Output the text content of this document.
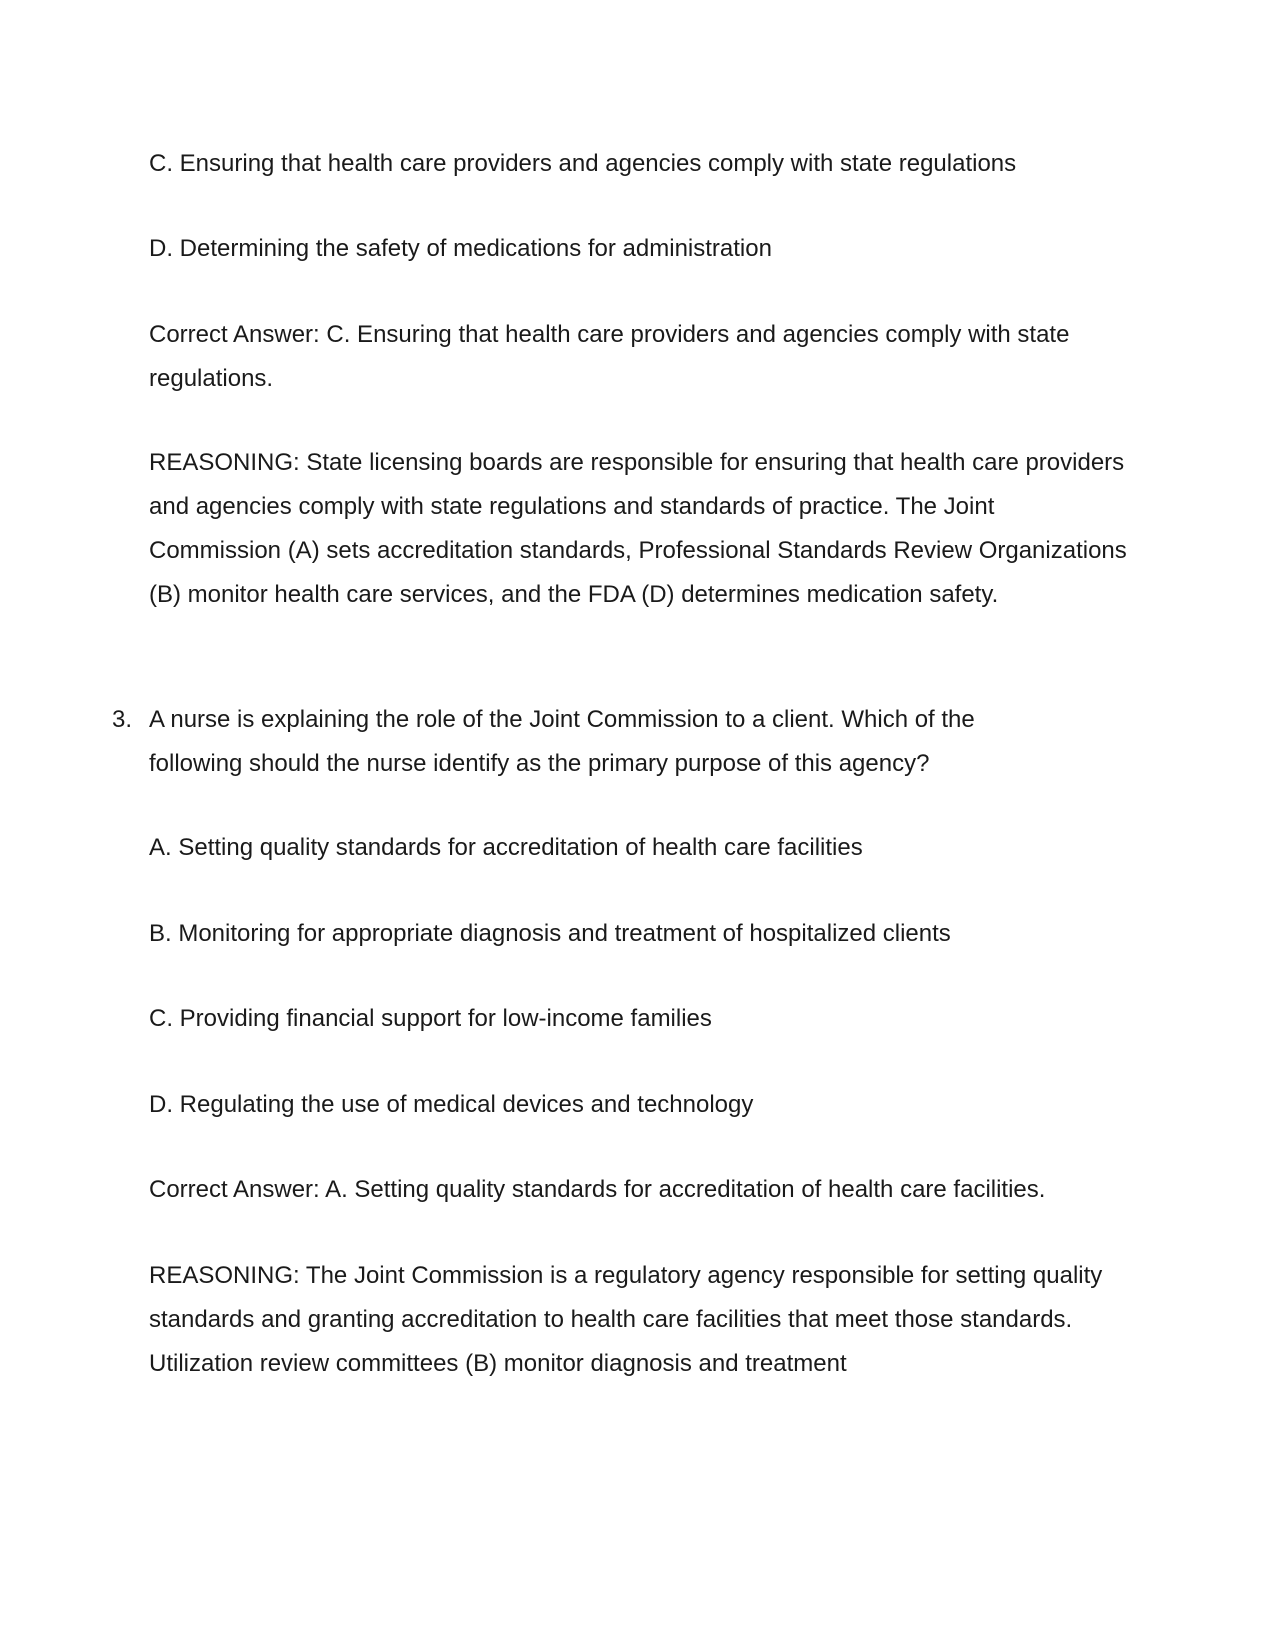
C. Ensuring that health care providers and agencies comply with state regulations

D. Determining the safety of medications for administration

Correct Answer: C. Ensuring that health care providers and agencies comply with state regulations.

REASONING: State licensing boards are responsible for ensuring that health care providers and agencies comply with state regulations and standards of practice. The Joint Commission (A) sets accreditation standards, Professional Standards Review Organizations (B) monitor health care services, and the FDA (D) determines medication safety.

3. A nurse is explaining the role of the Joint Commission to a client. Which of the following should the nurse identify as the primary purpose of this agency?

A. Setting quality standards for accreditation of health care facilities

B. Monitoring for appropriate diagnosis and treatment of hospitalized clients

C. Providing financial support for low-income families

D. Regulating the use of medical devices and technology

Correct Answer: A. Setting quality standards for accreditation of health care facilities.

REASONING: The Joint Commission is a regulatory agency responsible for setting quality standards and granting accreditation to health care facilities that meet those standards. Utilization review committees (B) monitor diagnosis and treatment
